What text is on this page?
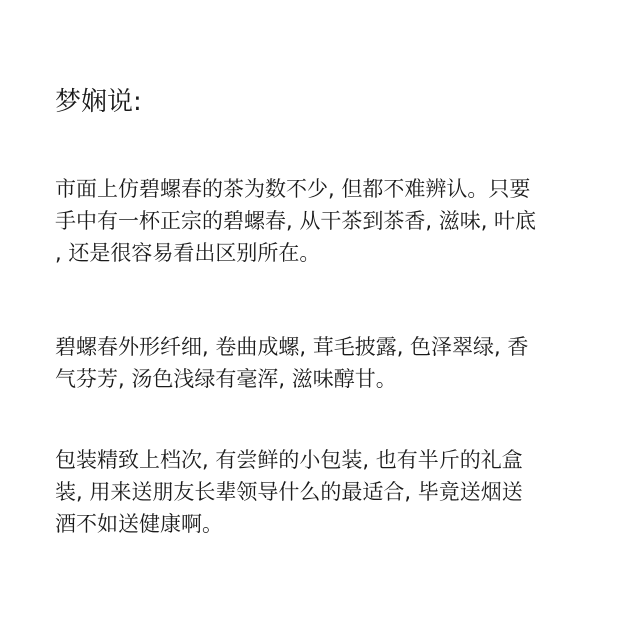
梦娴说:
市面上仿碧螺春的茶为数不少, 但都不难辨认。只要
手中有一杯正宗的碧螺春, 从干茶到茶香, 滋味, 叶底
, 还是很容易看出区别所在。
碧螺春外形纤细, 卷曲成螺, 茸毛披露, 色泽翠绿, 香
气芬芳, 汤色浅绿有毫浑, 滋味醇甘。
包装精致上档次, 有尝鲜的小包装, 也有半斤的礼盒
装, 用来送朋友长辈领导什么的最适合, 毕竟送烟送
酒不如送健康啊。
